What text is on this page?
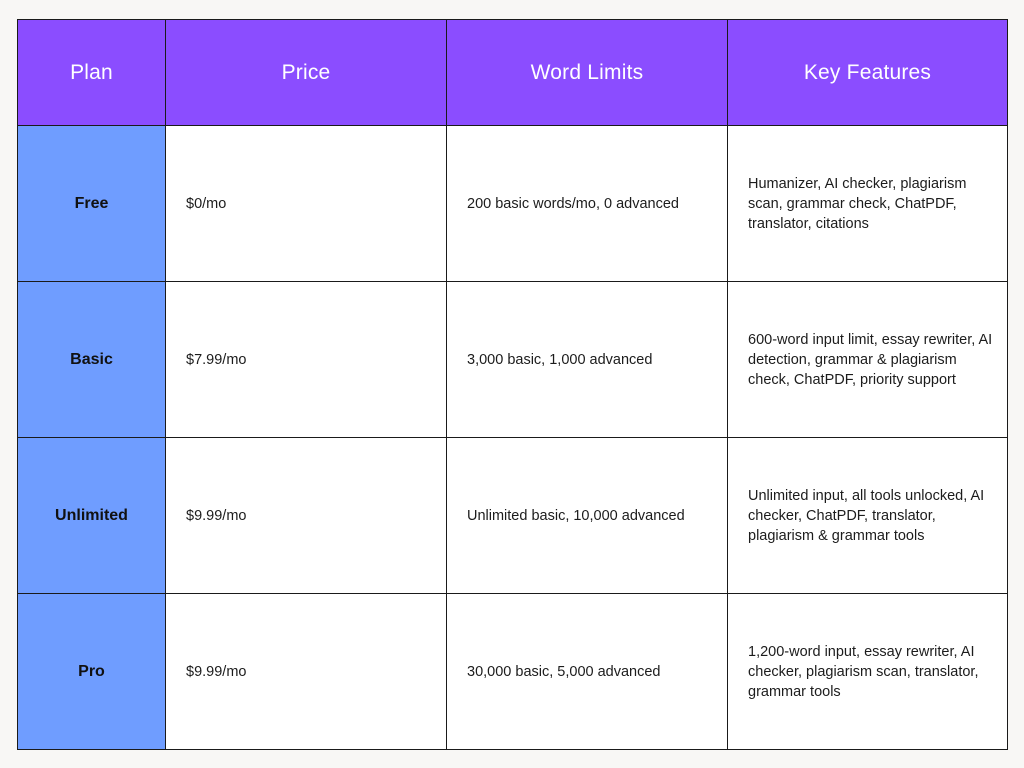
Plan	Price	Word Limits	Key Features
Free	$0/mo	200 basic words/mo, 0 advanced	Humanizer, AI checker, plagiarism scan, grammar check, ChatPDF, translator, citations
Basic	$7.99/mo	3,000 basic, 1,000 advanced	600-word input limit, essay rewriter, AI detection, grammar & plagiarism check, ChatPDF, priority support
Unlimited	$9.99/mo	Unlimited basic, 10,000 advanced	Unlimited input, all tools unlocked, AI checker, ChatPDF, translator, plagiarism & grammar tools
Pro	$9.99/mo	30,000 basic, 5,000 advanced	1,200-word input, essay rewriter, AI checker, plagiarism scan, translator, grammar tools
